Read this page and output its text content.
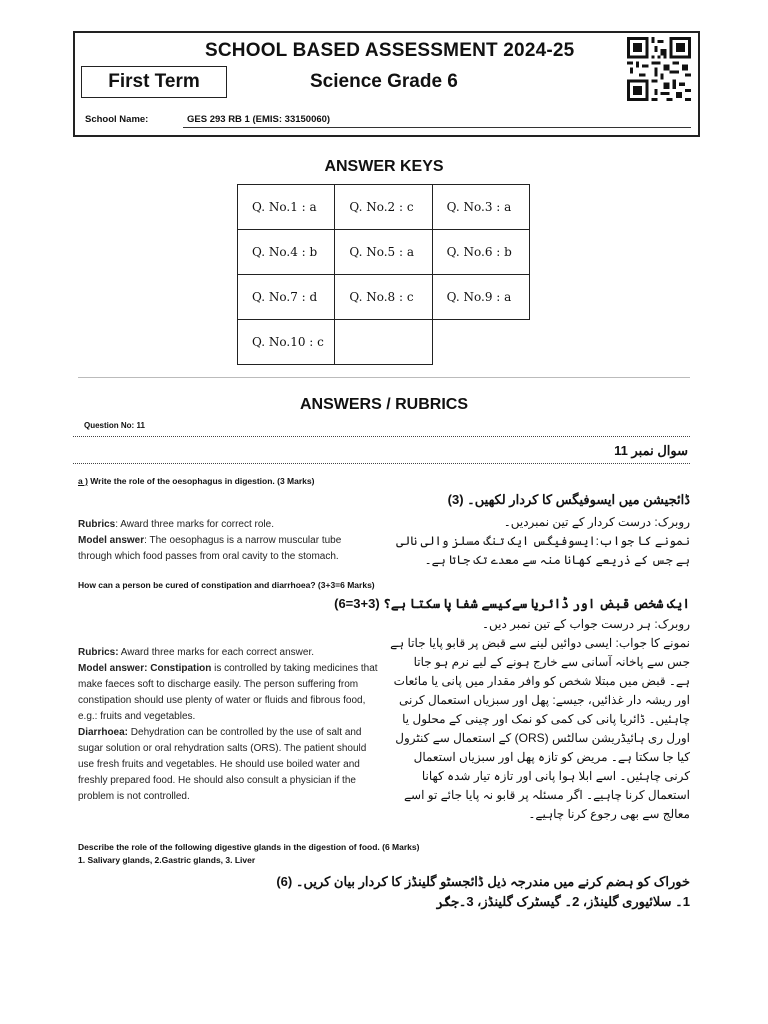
SCHOOL BASED ASSESSMENT 2024-25
First Term	Science Grade 6
School Name:	GES 293 RB 1 (EMIS: 33150060)
ANSWER KEYS
Q. No.1 : a	Q. No.2 : c	Q. No.3 : a
Q. No.4 : b	Q. No.5 : a	Q. No.6 : b
Q. No.7 : d	Q. No.8 : c	Q. No.9 : a
Q. No.10 : c		
ANSWERS / RUBRICS
Question No: 11
سوال نمبر 11
a ) Write the role of the oesophagus in digestion. (3 Marks)
ڈائجیشن میں ایسوفیگس کا کردار لکھیں۔ (3)
روبرک: درست کردار کے تین نمبردیں۔
نمونے کا جواب:ایسوفیگس ایک تنگ مسلز والی نالی ہے جس کے ذریعے کھانا منہ سے معدے تک جاتا ہے۔
Rubrics: Award three marks for correct role.
Model answer: The oesophagus is a narrow muscular tube through which food passes from oral cavity to the stomach.
How can a person be cured of constipation and diarrhoea? (3+3=6 Marks)
ایک شخص قبض اور ڈائریا سےکیسے شفا پا سکتا ہے؟ (3+3=6)
روبرک: ہر درست جواب کے تین نمبر دیں۔
نمونے کا جواب: ایسی دوائیں لینے سے قبض پر قابو پایا جاتا ہے جس سے پاخانہ آسانی سے خارج ہونے کے لیے نرم ہو جاتا ہے۔ قبض میں مبتلا شخص کو وافر مقدار میں پانی یا مائعات اور ریشہ دار غذائیں، جیسے: پھل اور سبزیاں استعمال کرنی چاہئیں۔ ڈائریا پانی کی کمی کو نمک اور چینی کے محلول یا اورل ری ہائیڈریشن سالٹس (ORS) کے استعمال سے کنٹرول کیا جا سکتا ہے۔ مریض کو تازہ پھل اور سبزیاں استعمال کرنی چاہئیں۔ اسے ابلا ہوا پانی اور تازہ تیار شدہ کھانا استعمال کرنا چاہیے۔ اگر مسئلہ پر قابو نہ پایا جائے تو اسے معالج سے بھی رجوع کرنا چاہیے۔
Rubrics: Award three marks for each correct answer.
Model answer: Constipation is controlled by taking medicines that make faeces soft to discharge easily. The person suffering from constipation should use plenty of water or fluids and fibrous food, e.g.: fruits and vegetables.
Diarrhoea: Dehydration can be controlled by the use of salt and sugar solution or oral rehydration salts (ORS). The patient should use fresh fruits and vegetables. He should use boiled water and freshly prepared food. He should also consult a physician if the problem is not controlled.
Describe the role of the following digestive glands in the digestion of food. (6 Marks)
1. Salivary glands, 2.Gastric glands, 3. Liver
خوراک کو ہضم کرنے میں مندرجہ ذیل ڈائجسٹو گلینڈز کا کردار بیان کریں۔ (6)
1۔ سلائیوری گلینڈز، 2۔ گیسٹرک گلینڈز، 3۔جگر
